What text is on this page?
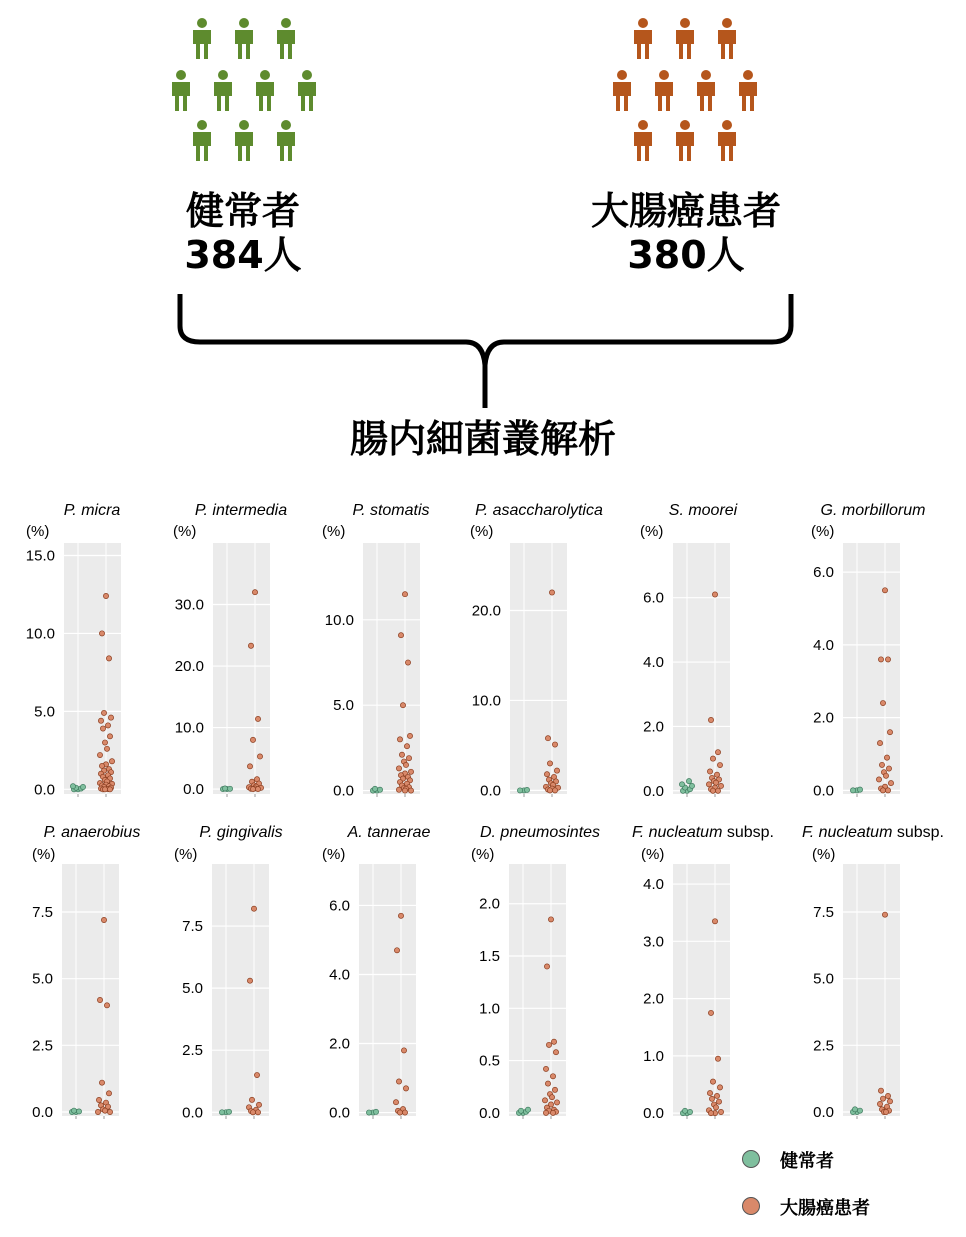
健常者
384人
大腸癌患者
380人
腸内細菌叢解析
0.0
5.0
10.0
15.0
(%)
P. micra
0.0
10.0
20.0
30.0
(%)
P. intermedia
0.0
5.0
10.0
(%)
P. stomatis
0.0
10.0
20.0
(%)
P. asaccharolytica
0.0
2.0
4.0
6.0
(%)
S. moorei
0.0
2.0
4.0
6.0
(%)
G. morbillorum
0.0
2.5
5.0
7.5
(%)
P. anaerobius
0.0
2.5
5.0
7.5
(%)
P. gingivalis
0.0
2.0
4.0
6.0
(%)
A. tannerae
0.0
0.5
1.0
1.5
2.0
(%)
D. pneumosintes
0.0
1.0
2.0
3.0
4.0
(%)
F. nucleatum subsp.
0.0
2.5
5.0
7.5
(%)
F. nucleatum subsp.
健常者
大腸癌患者
